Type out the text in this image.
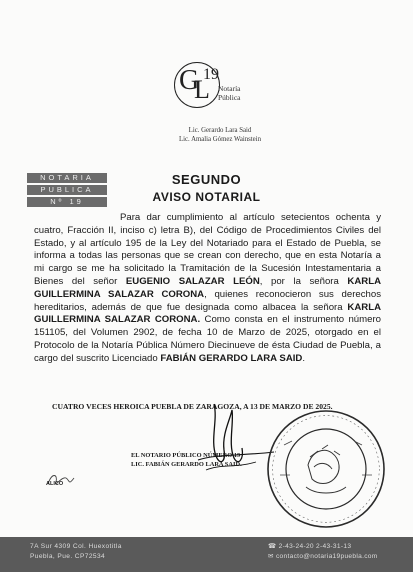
G
L
19
Notaría
Pública
Lic. Gerardo Lara Said
Lic. Amalia Gómez Wainstein
NOTARIA
PUBLICA
Nº 19
SEGUNDO
AVISO NOTARIAL
Para dar cumplimiento al artículo setecientos ochenta y cuatro, Fracción II, inciso c) letra B), del Código de Procedimientos Civiles del Estado, y al artículo 195 de la Ley del Notariado para el Estado de Puebla, se informa a todas las personas que se crean con derecho, que en esta Notaría a mi cargo se me ha solicitado la Tramitación de la Sucesión Intestamentaria a Bienes del señor EUGENIO SALAZAR LEÓN, por la señora KARLA GUILLERMINA SALAZAR CORONA, quienes reconocieron sus derechos hereditarios, además de que fue designada como albacea la señora KARLA GUILLERMINA SALAZAR CORONA. Como consta en el instrumento número 151105, del Volumen 2902, de fecha 10 de Marzo de 2025, otorgado en el Protocolo de la Notaría Pública Número Diecinueve de ésta Ciudad de Puebla, a cargo del suscrito Licenciado FABIÁN GERARDO LARA SAID.
CUATRO VECES HEROICA PUEBLA DE ZARAGOZA, A 13 DE MARZO DE 2025.
EL NOTARIO PÚBLICO NÚMERO 19
LIC. FABIÁN GERARDO LARA SAID.
ALICO
7A Sur 4309 Col. Huexotitla
Puebla, Pue. CP72534
☎ 2-43-24-20 2-43-31-13
✉ contacto@notaria19puebla.com
